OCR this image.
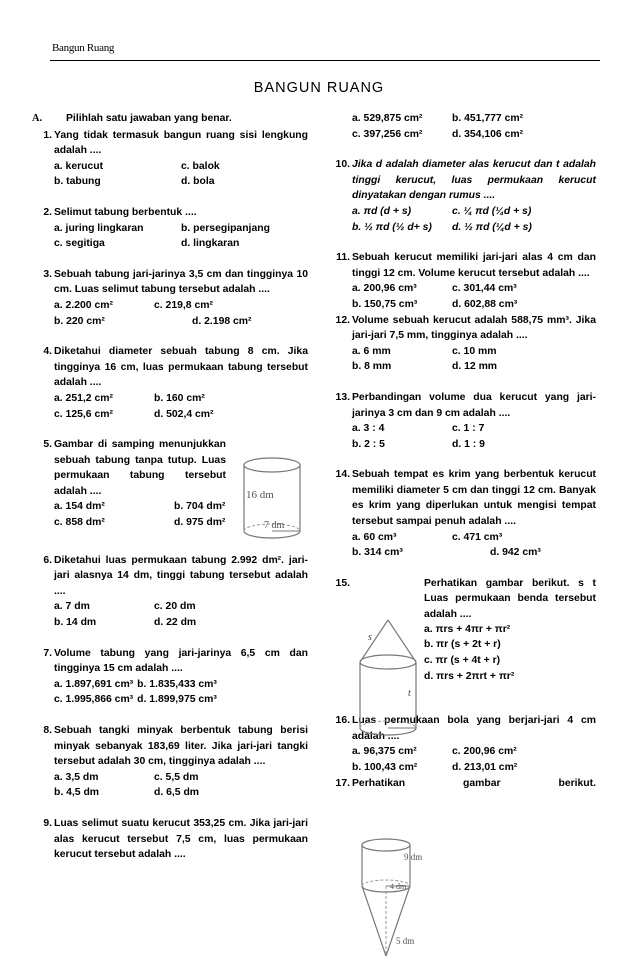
Bangun Ruang
BANGUN RUANG
A. Pilihlah satu jawaban yang benar.
1. Yang tidak termasuk bangun ruang sisi lengkung adalah ....
a. kerucut	c. balok
b. tabung	d. bola
2. Selimut tabung berbentuk ....
a. juring lingkaran	b. persegipanjang
c. segitiga	d. lingkaran
3. Sebuah tabung jari-jarinya 3,5 cm dan tingginya 10 cm. Luas selimut tabung tersebut adalah ....
a. 2.200 cm²	c. 219,8 cm²
b. 220 cm²	d. 2.198 cm²
4. Diketahui diameter sebuah tabung 8 cm. Jika tingginya 16 cm, luas permukaan tabung tersebut adalah ....
a. 251,2 cm²	b. 160 cm²
c. 125,6 cm²	d. 502,4 cm²
5. Gambar di samping menunjukkan sebuah tabung tanpa tutup. Luas permukaan tabung tersebut adalah ....
a. 154 dm²	b. 704 dm²
c. 858 dm²	d. 975 dm²
6. Diketahui luas permukaan tabung 2.992 dm². jari-jari alasnya 14 dm, tinggi tabung tersebut adalah ....
a. 7 dm	c. 20 dm
b. 14 dm	d. 22 dm
7. Volume tabung yang jari-jarinya 6,5 cm dan tingginya 15 cm adalah ....
a. 1.897,691 cm³ b. 1.835,433 cm³
c. 1.995,866 cm³ d. 1.899,975 cm³
8. Sebuah tangki minyak berbentuk tabung berisi minyak sebanyak 183,69 liter. Jika jari-jari tangki tersebut adalah 30 cm, tingginya adalah ....
a. 3,5 dm	c. 5,5 dm
b. 4,5 dm	d. 6,5 dm
9. Luas selimut suatu kerucut 353,25 cm. Jika jari-jari alas kerucut tersebut 7,5 cm, luas permukaan kerucut tersebut adalah ....
16 dm
7 dm
a. 529,875 cm²	b. 451,777 cm²
c. 397,256 cm²	d. 354,106 cm²
10. Jika d adalah diameter alas kerucut dan t adalah tinggi kerucut, luas permukaan kerucut dinyatakan dengan rumus ....
a. πd (d + s)	c. ¼ πd (¼d + s)
b. ½ πd (½ d+ s)	d. ½ πd (¼d + s)
11. Sebuah kerucut memiliki jari-jari alas 4 cm dan tinggi 12 cm. Volume kerucut tersebut adalah ....
a. 200,96 cm³	c. 301,44 cm³
b. 150,75 cm³	d. 602,88 cm³
12. Volume sebuah kerucut adalah 588,75 mm³. Jika jari-jari 7,5 mm, tingginya adalah ....
a. 6 mm	c. 10 mm
b. 8 mm	d. 12 mm
13. Perbandingan volume dua kerucut yang jari-jarinya 3 cm dan 9 cm adalah ....
a. 3 : 4	c. 1 : 7
b. 2 : 5	d. 1 : 9
14. Sebuah tempat es krim yang berbentuk kerucut memiliki diameter 5 cm dan tinggi 12 cm. Banyak es krim yang diperlukan untuk mengisi tempat tersebut sampai penuh adalah ....
a. 60 cm³	c. 471 cm³
b. 314 cm³	d. 942 cm³
15.	Perhatikan gambar berikut. s t Luas permukaan benda tersebut adalah ....
a. πrs + 4πr + πr²
b. πr (s + 2t + r)
c. πr (s + 4t + r)
d. πrs + 2πrt + πr²
16. Luas permukaan bola yang berjari-jari 4 cm adalah ....
a. 96,375 cm²	c. 200,96 cm²
b. 100,43 cm²	d. 213,01 cm²
17. Perhatikan gambar berikut.
s
t
9 dm
4 dm
5 dm
